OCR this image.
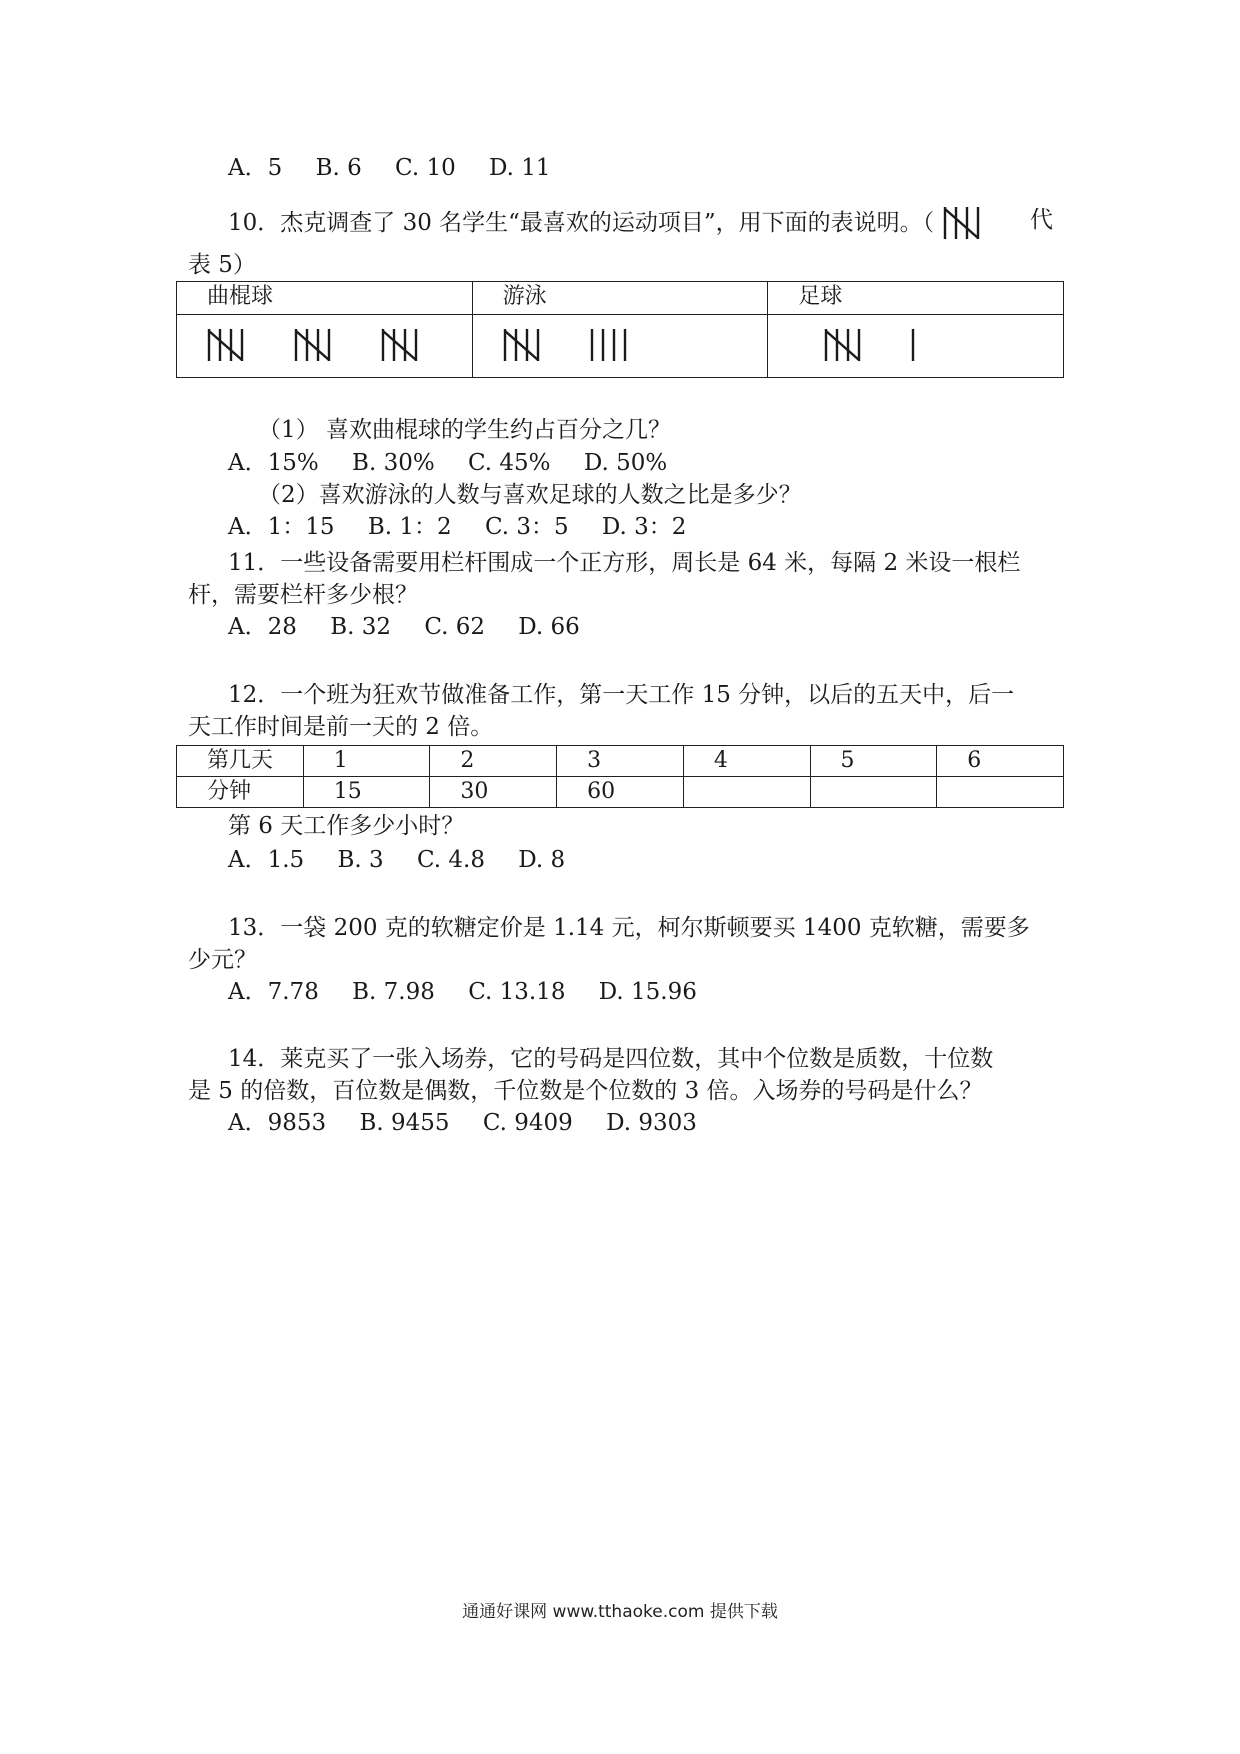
A．5 B. 6 C. 10 D. 11
10．杰克调查了 30 名学生“最喜欢的运动项目”，用下面的表说明。（	代
表 5）
曲棍球	游泳	足球

（1） 喜欢曲棍球的学生约占百分之几？
A．15% B. 30% C. 45% D. 50%
（2）喜欢游泳的人数与喜欢足球的人数之比是多少？
A．1：15 B. 1：2 C. 3：5 D. 3：2
11．一些设备需要用栏杆围成一个正方形，周长是 64 米，每隔 2 米设一根栏
杆，需要栏杆多少根？
A．28 B. 32 C. 62 D. 66
12．一个班为狂欢节做准备工作，第一天工作 15 分钟，以后的五天中，后一
天工作时间是前一天的 2 倍。
第几天	1	2	3	4	5	6
分钟	15	30	60			
第 6 天工作多少小时？
A．1.5 B. 3 C. 4.8 D. 8
13．一袋 200 克的软糖定价是 1.14 元，柯尔斯顿要买 1400 克软糖，需要多
少元？
A．7.78 B. 7.98 C. 13.18 D. 15.96
14．莱克买了一张入场券，它的号码是四位数，其中个位数是质数，十位数
是 5 的倍数，百位数是偶数，千位数是个位数的 3 倍。入场券的号码是什么？
A．9853 B. 9455 C. 9409 D. 9303
通通好课网 www.tthaoke.com 提供下载
